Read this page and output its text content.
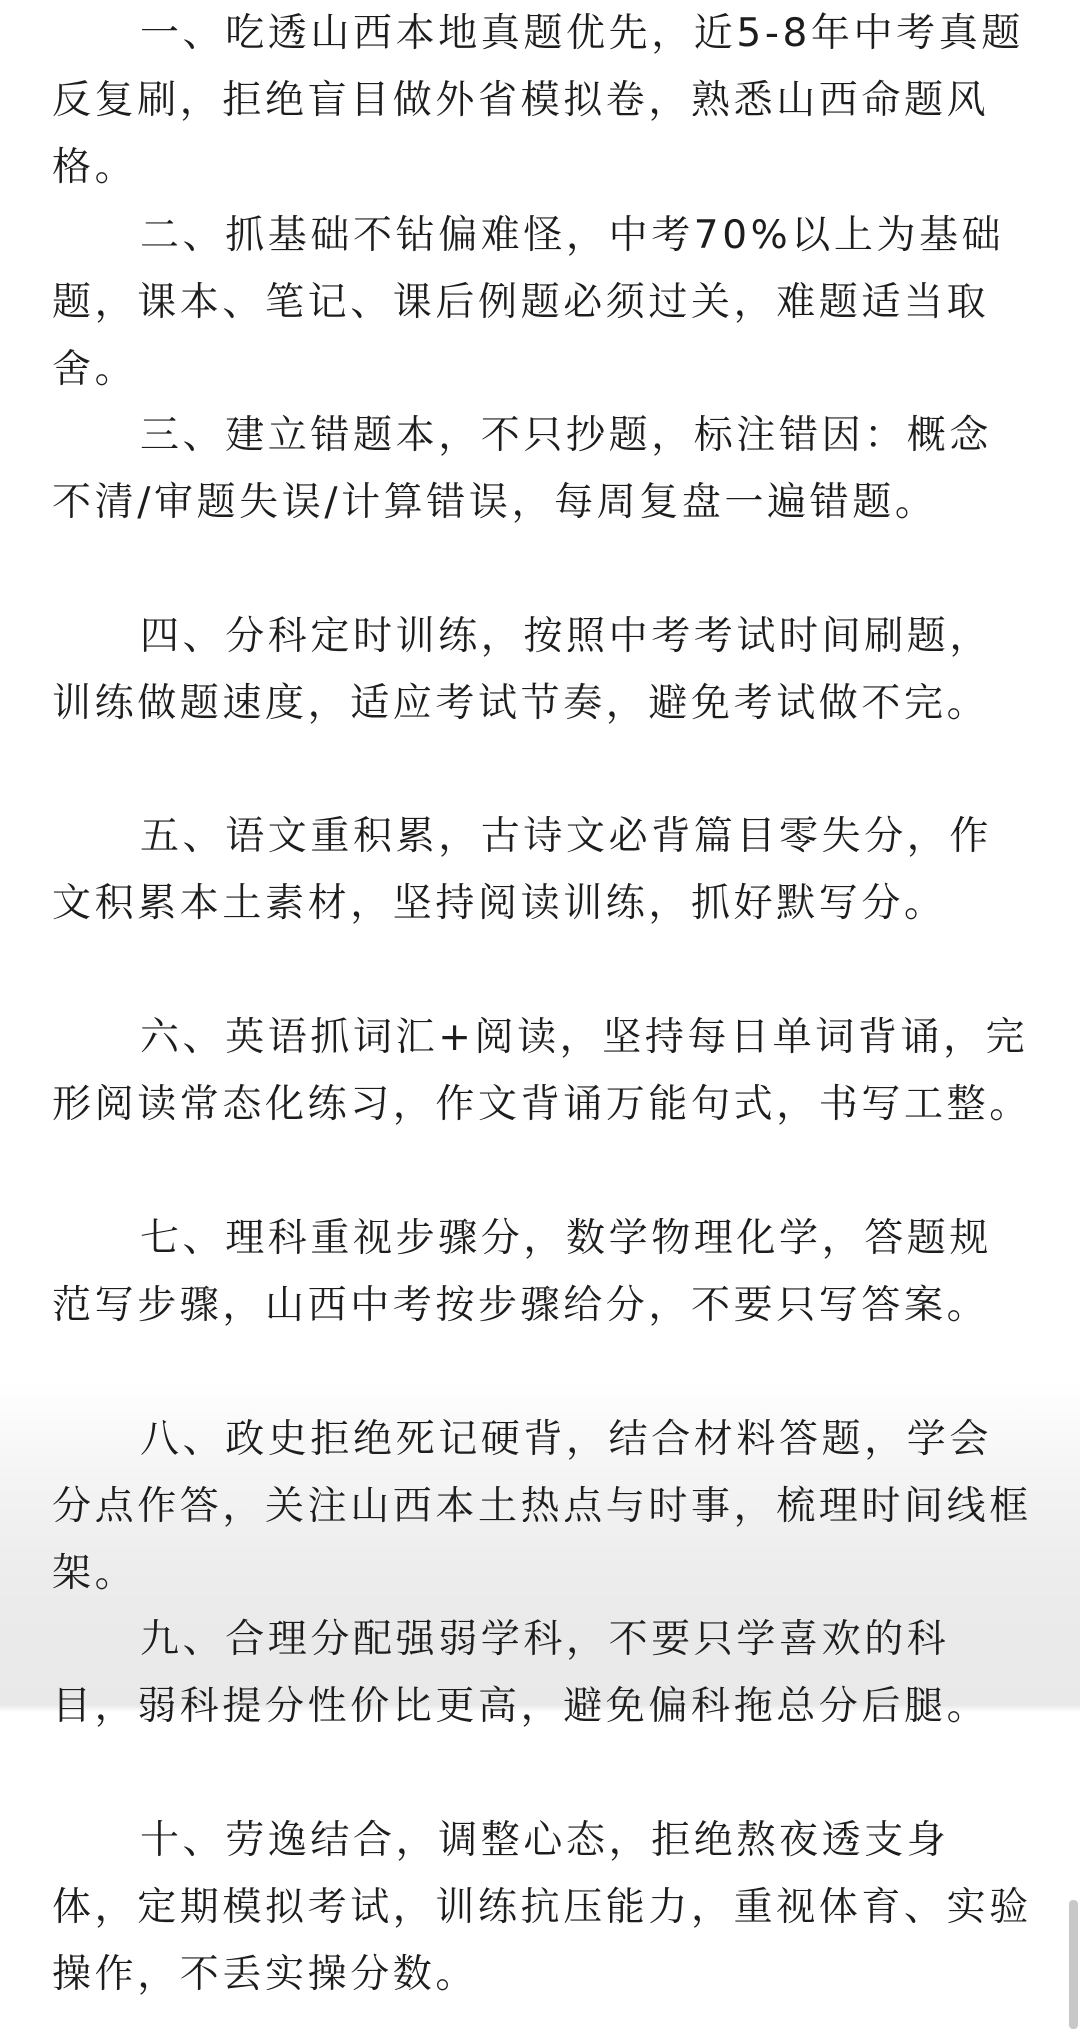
一、吃透山西本地真题优先，近5-8年中考真题反复刷，拒绝盲目做外省模拟卷，熟悉山西命题风格。

二、抓基础不钻偏难怪，中考70%以上为基础题，课本、笔记、课后例题必须过关，难题适当取舍。

三、建立错题本，不只抄题，标注错因：概念不清/审题失误/计算错误，每周复盘一遍错题。

四、分科定时训练，按照中考考试时间刷题，训练做题速度，适应考试节奏，避免考试做不完。

五、语文重积累，古诗文必背篇目零失分，作文积累本土素材，坚持阅读训练，抓好默写分。

六、英语抓词汇+阅读，坚持每日单词背诵，完形阅读常态化练习，作文背诵万能句式，书写工整。

七、理科重视步骤分，数学物理化学，答题规范写步骤，山西中考按步骤给分，不要只写答案。

八、政史拒绝死记硬背，结合材料答题，学会分点作答，关注山西本土热点与时事，梳理时间线框架。

九、合理分配强弱学科，不要只学喜欢的科目，弱科提分性价比更高，避免偏科拖总分后腿。

十、劳逸结合，调整心态，拒绝熬夜透支身体，定期模拟考试，训练抗压能力，重视体育、实验操作，不丢实操分数。
